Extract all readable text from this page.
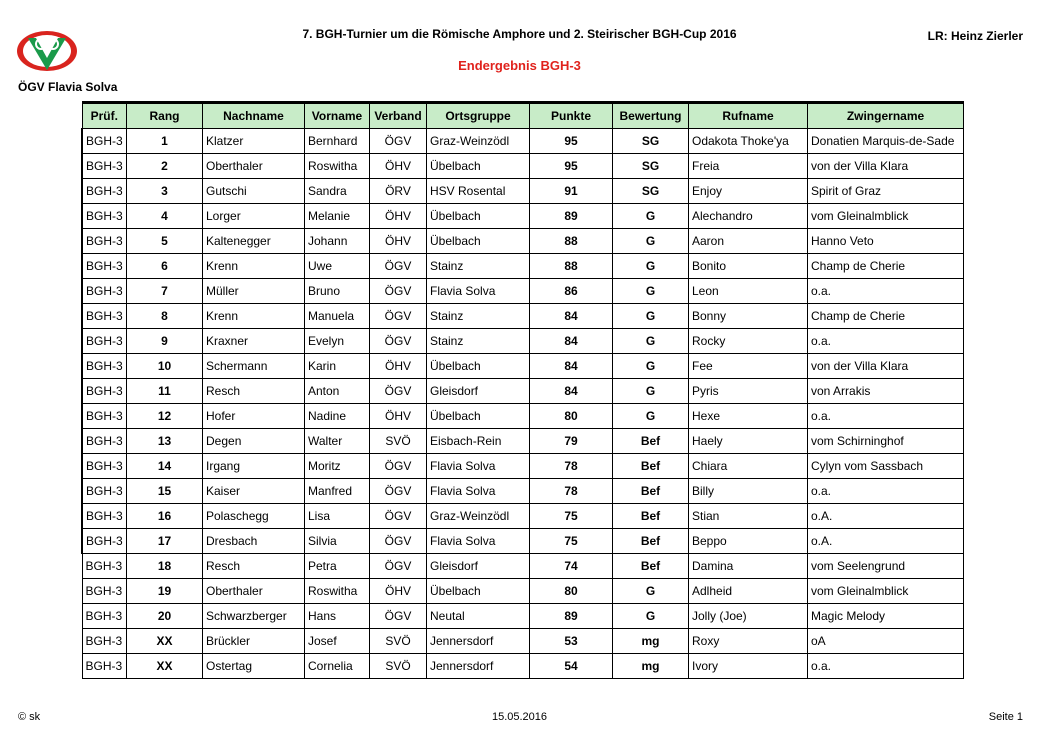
ÖGV Flavia Solva
7. BGH-Turnier um die Römische Amphore und 2. Steirischer BGH-Cup 2016
Endergebnis BGH-3
LR: Heinz Zierler
Prüf.	Rang	Nachname	Vorname	Verband	Ortsgruppe	Punkte	Bewertung	Rufname	Zwingername
BGH-3	1	Klatzer	Bernhard	ÖGV	Graz-Weinzödl	95	SG	Odakota Thoke'ya	Donatien Marquis-de-Sade
BGH-3	2	Oberthaler	Roswitha	ÖHV	Übelbach	95	SG	Freia	von der Villa Klara
BGH-3	3	Gutschi	Sandra	ÖRV	HSV Rosental	91	SG	Enjoy	Spirit of Graz
BGH-3	4	Lorger	Melanie	ÖHV	Übelbach	89	G	Alechandro	vom Gleinalmblick
BGH-3	5	Kaltenegger	Johann	ÖHV	Übelbach	88	G	Aaron	Hanno Veto
BGH-3	6	Krenn	Uwe	ÖGV	Stainz	88	G	Bonito	Champ de Cherie
BGH-3	7	Müller	Bruno	ÖGV	Flavia Solva	86	G	Leon	o.a.
BGH-3	8	Krenn	Manuela	ÖGV	Stainz	84	G	Bonny	Champ de Cherie
BGH-3	9	Kraxner	Evelyn	ÖGV	Stainz	84	G	Rocky	o.a.
BGH-3	10	Schermann	Karin	ÖHV	Übelbach	84	G	Fee	von der Villa Klara
BGH-3	11	Resch	Anton	ÖGV	Gleisdorf	84	G	Pyris	von Arrakis
BGH-3	12	Hofer	Nadine	ÖHV	Übelbach	80	G	Hexe	o.a.
BGH-3	13	Degen	Walter	SVÖ	Eisbach-Rein	79	Bef	Haely	vom Schirninghof
BGH-3	14	Irgang	Moritz	ÖGV	Flavia Solva	78	Bef	Chiara	Cylyn vom Sassbach
BGH-3	15	Kaiser	Manfred	ÖGV	Flavia Solva	78	Bef	Billy	o.a.
BGH-3	16	Polaschegg	Lisa	ÖGV	Graz-Weinzödl	75	Bef	Stian	o.A.
BGH-3	17	Dresbach	Silvia	ÖGV	Flavia Solva	75	Bef	Beppo	o.A.
BGH-3	18	Resch	Petra	ÖGV	Gleisdorf	74	Bef	Damina	vom Seelengrund
BGH-3	19	Oberthaler	Roswitha	ÖHV	Übelbach	80	G	Adlheid	vom Gleinalmblick
BGH-3	20	Schwarzberger	Hans	ÖGV	Neutal	89	G	Jolly (Joe)	Magic Melody
BGH-3	XX	Brückler	Josef	SVÖ	Jennersdorf	53	mg	Roxy	oA
BGH-3	XX	Ostertag	Cornelia	SVÖ	Jennersdorf	54	mg	Ivory	o.a.
© sk	15.05.2016	Seite 1
